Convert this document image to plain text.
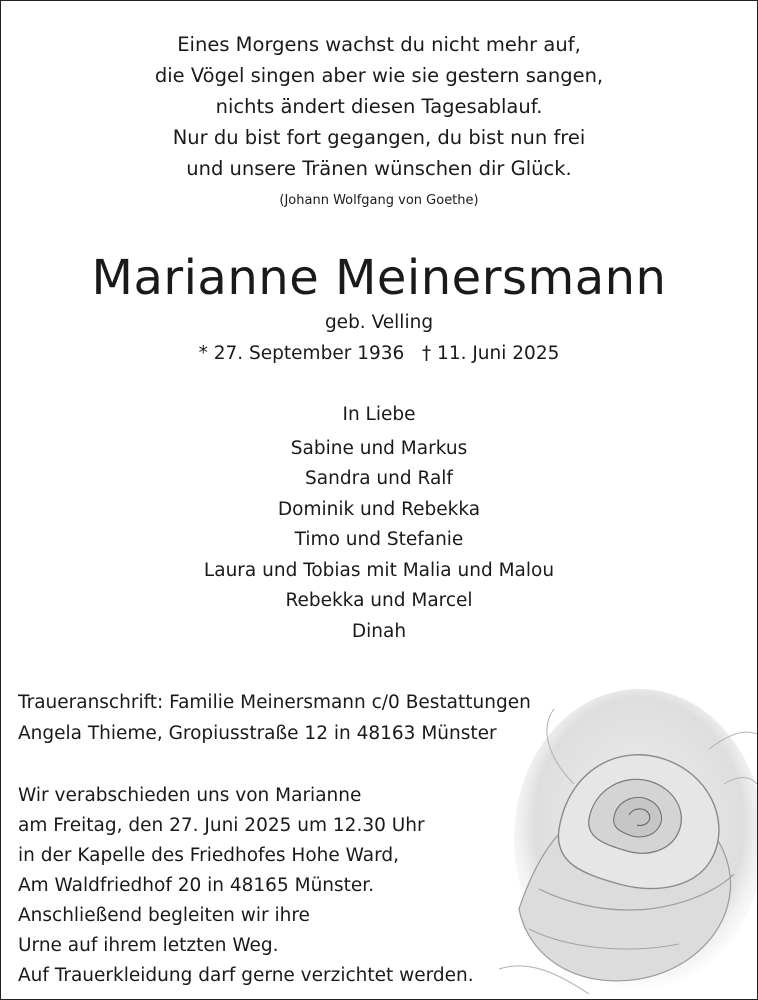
Eines Morgens wachst du nicht mehr auf,
die Vögel singen aber wie sie gestern sangen,
nichts ändert diesen Tagesablauf.
Nur du bist fort gegangen, du bist nun frei
und unsere Tränen wünschen dir Glück.
(Johann Wolfgang von Goethe)
Marianne Meinersmann
geb. Velling
* 27. September 1936   † 11. Juni 2025
In Liebe
Sabine und Markus
Sandra und Ralf
Dominik und Rebekka
Timo und Stefanie
Laura und Tobias mit Malia und Malou
Rebekka und Marcel
Dinah
Traueranschrift: Familie Meinersmann c/0 Bestattungen
Angela Thieme, Gropiusstraße 12 in 48163 Münster
Wir verabschieden uns von Marianne
am Freitag, den 27. Juni 2025 um 12.30 Uhr
in der Kapelle des Friedhofes Hohe Ward,
Am Waldfriedhof 20 in 48165 Münster.
Anschließend begleiten wir ihre
Urne auf ihrem letzten Weg.
Auf Trauerkleidung darf gerne verzichtet werden.
